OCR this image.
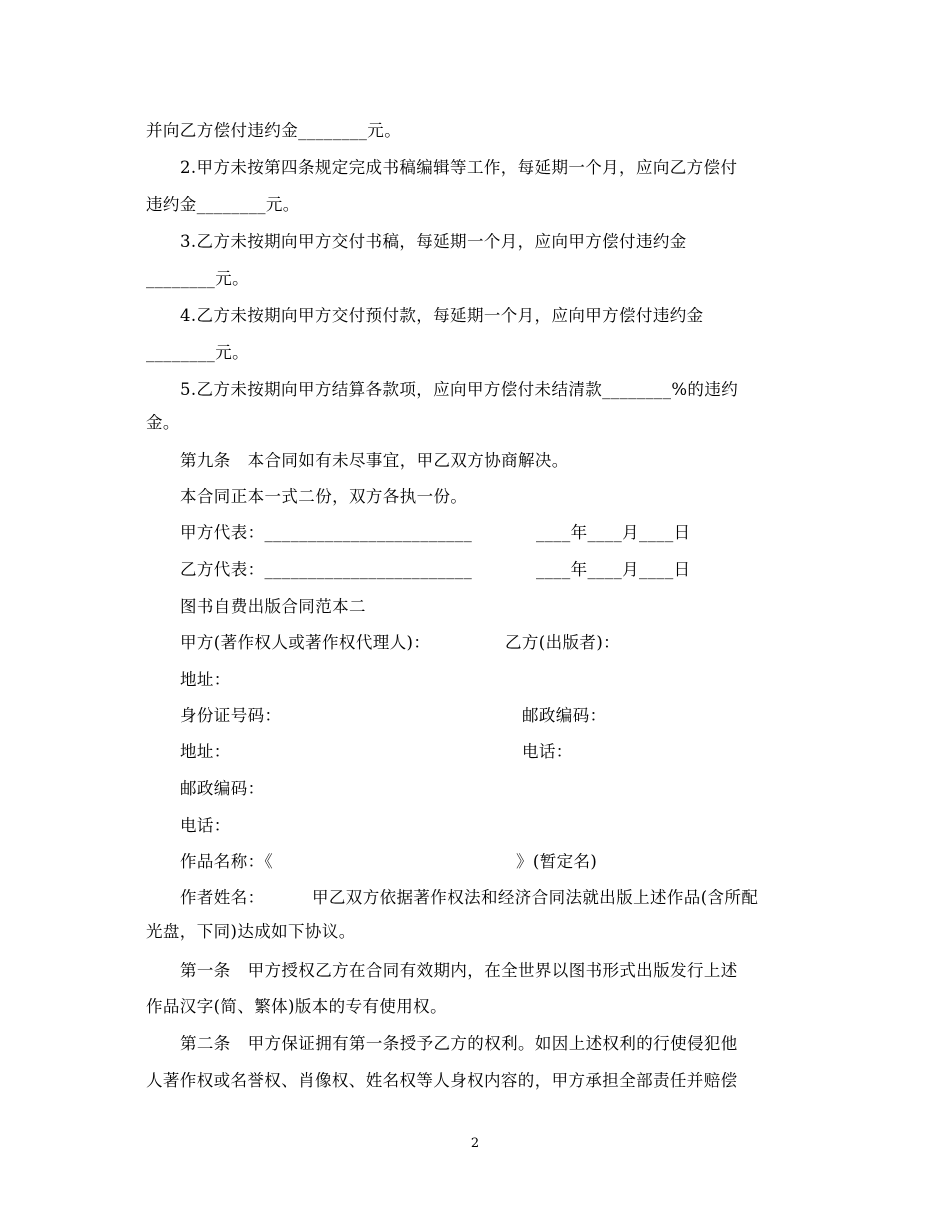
并向乙方偿付违约金________元。
2.甲方未按第四条规定完成书稿编辑等工作，每延期一个月，应向乙方偿付
违约金________元。
3.乙方未按期向甲方交付书稿，每延期一个月，应向甲方偿付违约金
________元。
4.乙方未按期向甲方交付预付款，每延期一个月，应向甲方偿付违约金
________元。
5.乙方未按期向甲方结算各款项，应向甲方偿付未结清款________%的违约
金。
第九条　本合同如有未尽事宜，甲乙双方协商解决。
本合同正本一式二份，双方各执一份。
甲方代表：________________________	____年____月____日
乙方代表：________________________	____年____月____日
图书自费出版合同范本二
甲方(著作权人或著作权代理人)：	乙方(出版者)：
地址：
身份证号码：	邮政编码：
地址：	电话：
邮政编码：
电话：
作品名称：《	》(暂定名)
作者姓名：	甲乙双方依据著作权法和经济合同法就出版上述作品(含所配
光盘，下同)达成如下协议。
第一条　甲方授权乙方在合同有效期内，在全世界以图书形式出版发行上述
作品汉字(简、繁体)版本的专有使用权。
第二条　甲方保证拥有第一条授予乙方的权利。如因上述权利的行使侵犯他
人著作权或名誉权、肖像权、姓名权等人身权内容的，甲方承担全部责任并赔偿
2
